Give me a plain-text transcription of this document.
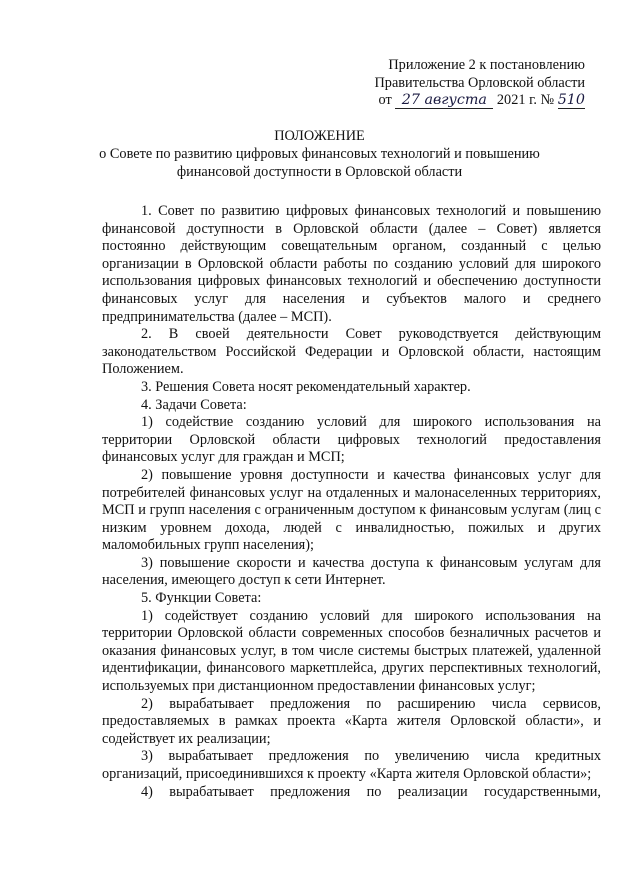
Приложение 2 к постановлению
Правительства Орловской области
от 27 августа 2021 г. № 510
ПОЛОЖЕНИЕ
о Совете по развитию цифровых финансовых технологий и повышению
финансовой доступности в Орловской области

1. Совет по развитию цифровых финансовых технологий и повышению финансовой доступности в Орловской области (далее – Совет) является постоянно действующим совещательным органом, созданный с целью организации в Орловской области работы по созданию условий для широкого использования цифровых финансовых технологий и обеспечению доступности финансовых услуг для населения и субъектов малого и среднего предпринимательства (далее – МСП).

2. В своей деятельности Совет руководствуется действующим законодательством Российской Федерации и Орловской области, настоящим Положением.

3. Решения Совета носят рекомендательный характер.

4. Задачи Совета:

1) содействие созданию условий для широкого использования на территории Орловской области цифровых технологий предоставления финансовых услуг для граждан и МСП;

2) повышение уровня доступности и качества финансовых услуг для потребителей финансовых услуг на отдаленных и малонаселенных территориях, МСП и групп населения с ограниченным доступом к финансовым услугам (лиц с низким уровнем дохода, людей с инвалидностью, пожилых и других маломобильных групп населения);

3) повышение скорости и качества доступа к финансовым услугам для населения, имеющего доступ к сети Интернет.

5. Функции Совета:

1) содействует созданию условий для широкого использования на территории Орловской области современных способов безналичных расчетов и оказания финансовых услуг, в том числе системы быстрых платежей, удаленной идентификации, финансового маркетплейса, других перспективных технологий, используемых при дистанционном предоставлении финансовых услуг;

2) вырабатывает предложения по расширению числа сервисов, предоставляемых в рамках проекта «Карта жителя Орловской области», и содействует их реализации;

3) вырабатывает предложения по увеличению числа кредитных организаций, присоединившихся к проекту «Карта жителя Орловской области»;

4) вырабатывает предложения по реализации государственными,
